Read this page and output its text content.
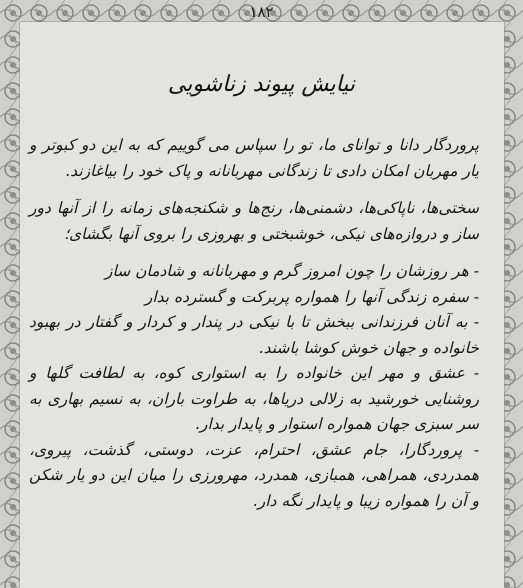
۱۸۲
نیایش پیوند زناشویی

پروردگار دانا و توانای ما، تو را سپاس می گوییم که به این دو کبوتر و یار مهربان امکان دادی تا زندگانی مهربانانه و پاک خود را بیاغازند.

سختی‌ها، ناپاکی‌ها، دشمنی‌ها، رنج‌ها و شکنجه‌های زمانه را از آنها دور ساز و دروازه‌های نیکی، خوشبختی و بهروزی را بروی آنها بگشای؛

- هر روزشان را چون امروز گرم و مهربانانه و شادمان ساز

- سفره زندگی آنها را همواره پربرکت و گسترده بدار

- به آنان فرزندانی ببخش تا با نیکی در پندار و کردار و گفتار در بهبود خانواده و جهان خوش کوشا باشند.

- عشق و مهر این خانواده را به استواری کوه، به لطافت گلها و روشنایی خورشید به زلالی دریاها، به طراوت باران، به نسیم بهاری به سر سبزی جهان همواره استوار و پایدار بدار.

- پروردگارا، جام عشق، احترام، عزت، دوستی، گذشت، پیروی، همدردی، همراهی، همبازی، همدرد، مهرورزی را میان این دو یار شکن و آن را همواره زیبا و پایدار نگه دار.
